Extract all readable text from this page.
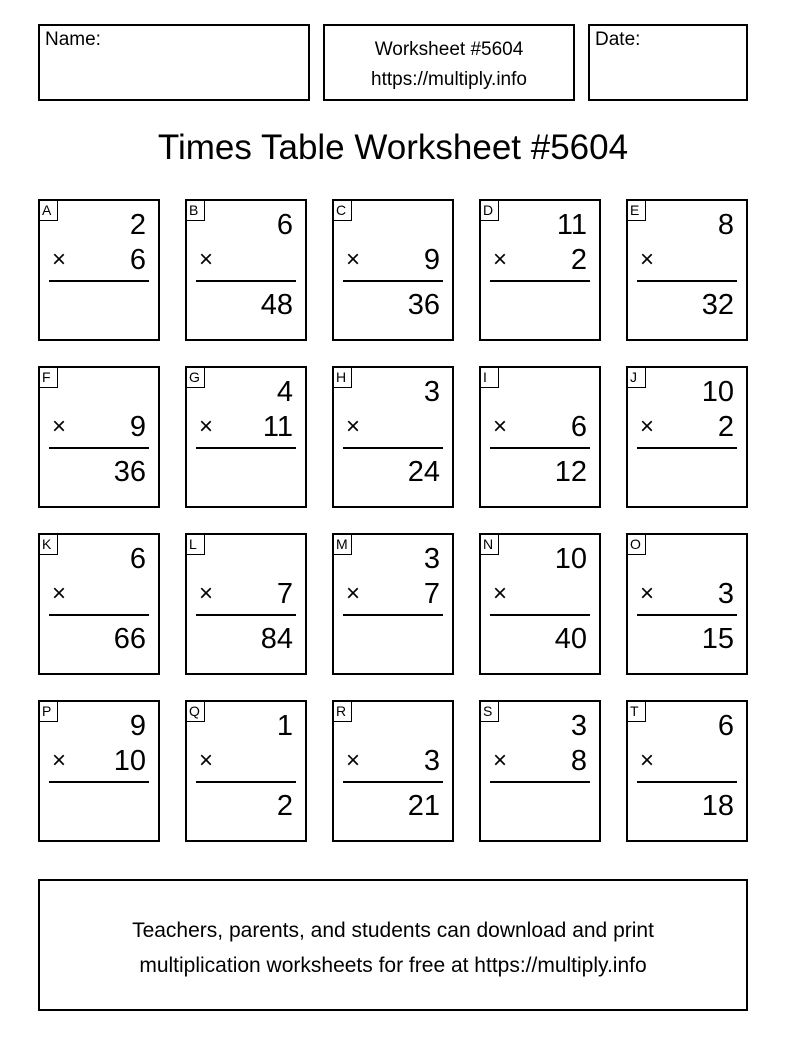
Name:	Worksheet #5604
https://multiply.info
Date:
Times Table Worksheet #5604
A	2
× 6
B	6
×
48
C
× 9
36
D 11
× 2
E	8
×
32
F
× 9
36
G	4
× 11
H	3
×
24
I
× 6
12
J	10
× 2
K	6
×
66
L
× 7
84
M	3
× 7
N 10
×
40
O
× 3
15
P	9
× 10
Q	1
×
2
R
× 3
21
S	3
× 8
T	6
×
18
Teachers, parents, and students can download and print
multiplication worksheets for free at https://multiply.info
